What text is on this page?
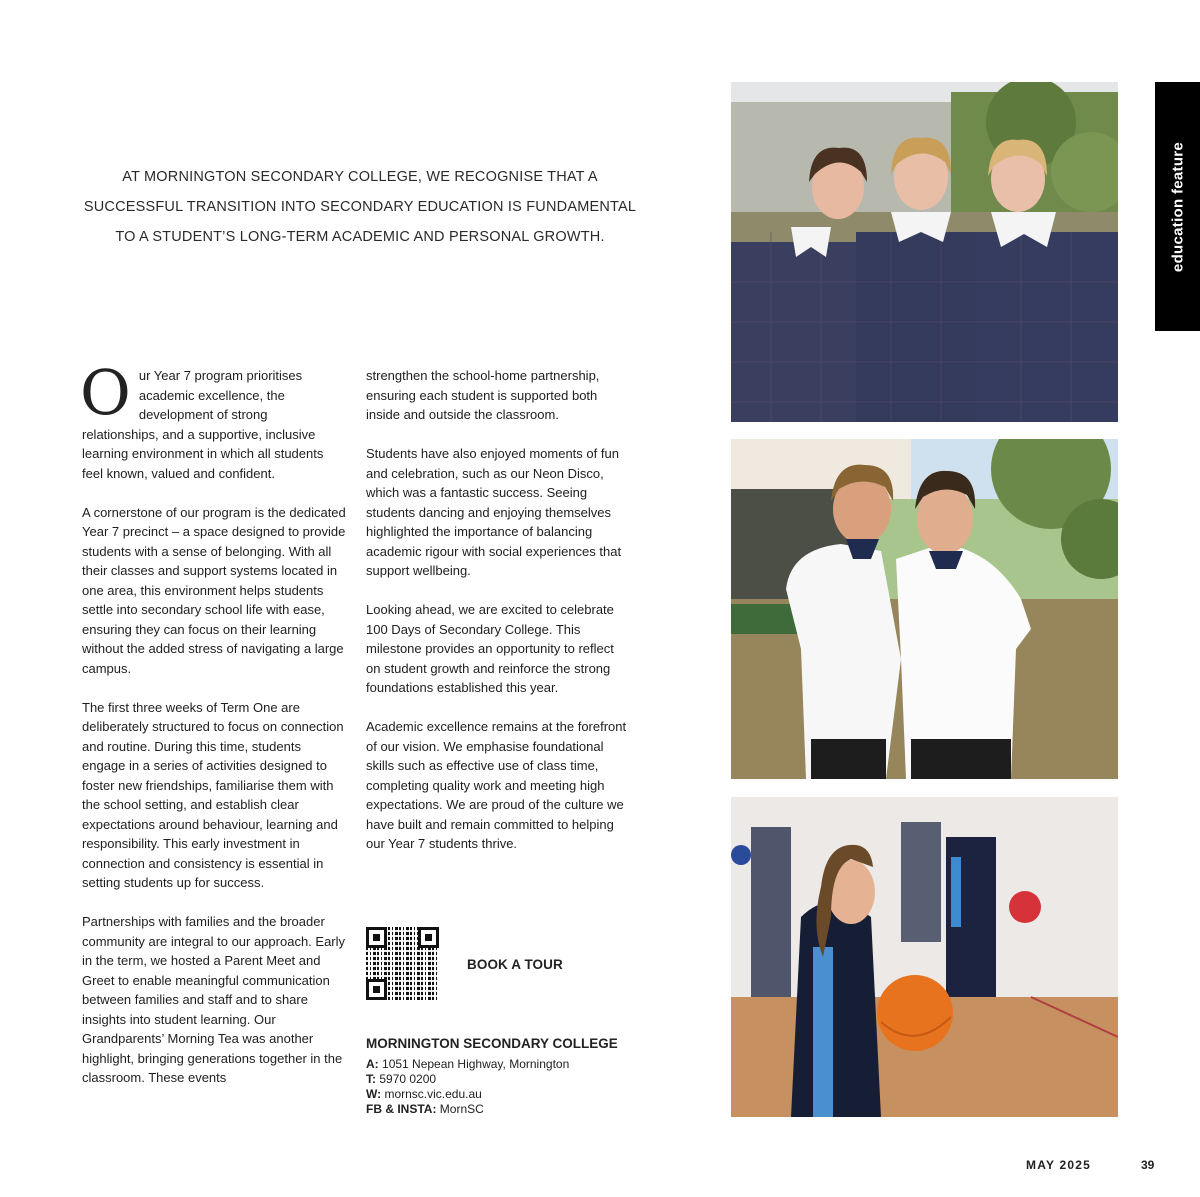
AT MORNINGTON SECONDARY COLLEGE, WE RECOGNISE THAT A
SUCCESSFUL TRANSITION INTO SECONDARY EDUCATION IS FUNDAMENTAL
TO A STUDENT’S LONG-TERM ACADEMIC AND PERSONAL GROWTH.

Our Year 7 program prioritises academic excellence, the development of strong relationships, and a supportive, inclusive learning environment in which all students feel known, valued and confident.

A cornerstone of our program is the dedicated Year 7 precinct – a space designed to provide students with a sense of belonging. With all their classes and support systems located in one area, this environment helps students settle into secondary school life with ease, ensuring they can focus on their learning without the added stress of navigating a large campus.

The first three weeks of Term One are deliberately structured to focus on connection and routine. During this time, students engage in a series of activities designed to foster new friendships, familiarise them with the school setting, and establish clear expectations around behaviour, learning and responsibility. This early investment in connection and consistency is essential in setting students up for success.

Partnerships with families and the broader community are integral to our approach. Early in the term, we hosted a Parent Meet and Greet to enable meaningful communication between families and staff and to share insights into student learning. Our Grandparents’ Morning Tea was another highlight, bringing generations together in the classroom. These events

strengthen the school-home partnership, ensuring each student is supported both inside and outside the classroom.

Students have also enjoyed moments of fun and celebration, such as our Neon Disco, which was a fantastic success. Seeing students dancing and enjoying themselves highlighted the importance of balancing academic rigour with social experiences that support wellbeing.

Looking ahead, we are excited to celebrate 100 Days of Secondary College. This milestone provides an opportunity to reflect on student growth and reinforce the strong foundations established this year.

Academic excellence remains at the forefront of our vision. We emphasise foundational skills such as effective use of class time, completing quality work and meeting high expectations. We are proud of the culture we have built and remain committed to helping our Year 7 students thrive.

BOOK A TOUR
MORNINGTON SECONDARY COLLEGE
A: 1051 Nepean Highway, Mornington
T: 5970 0200
W: mornsc.vic.edu.au
FB & INSTA: MornSC
education feature
MAY 2025	39
